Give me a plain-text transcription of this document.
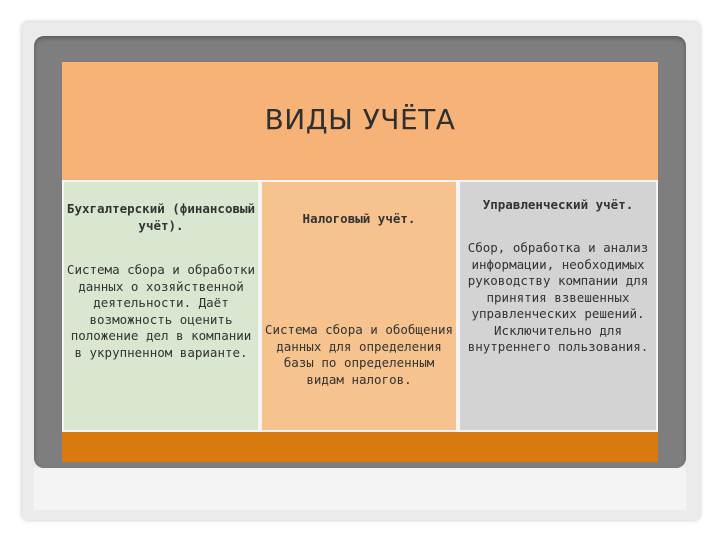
ВИДЫ УЧЁТА
Бухгалтерский (финансовый учёт).
Система сбора и обработки данных о хозяйственной деятельности. Даёт возможность оценить положение дел в компании в укрупненном варианте.
Налоговый учёт.
Система сбора и обобщения данных для определения базы по определенным видам налогов.
Управленческий учёт.
Сбор, обработка и анализ информации, необходимых руководству компании для принятия взвешенных управленческих решений. Исключительно для внутреннего пользования.
